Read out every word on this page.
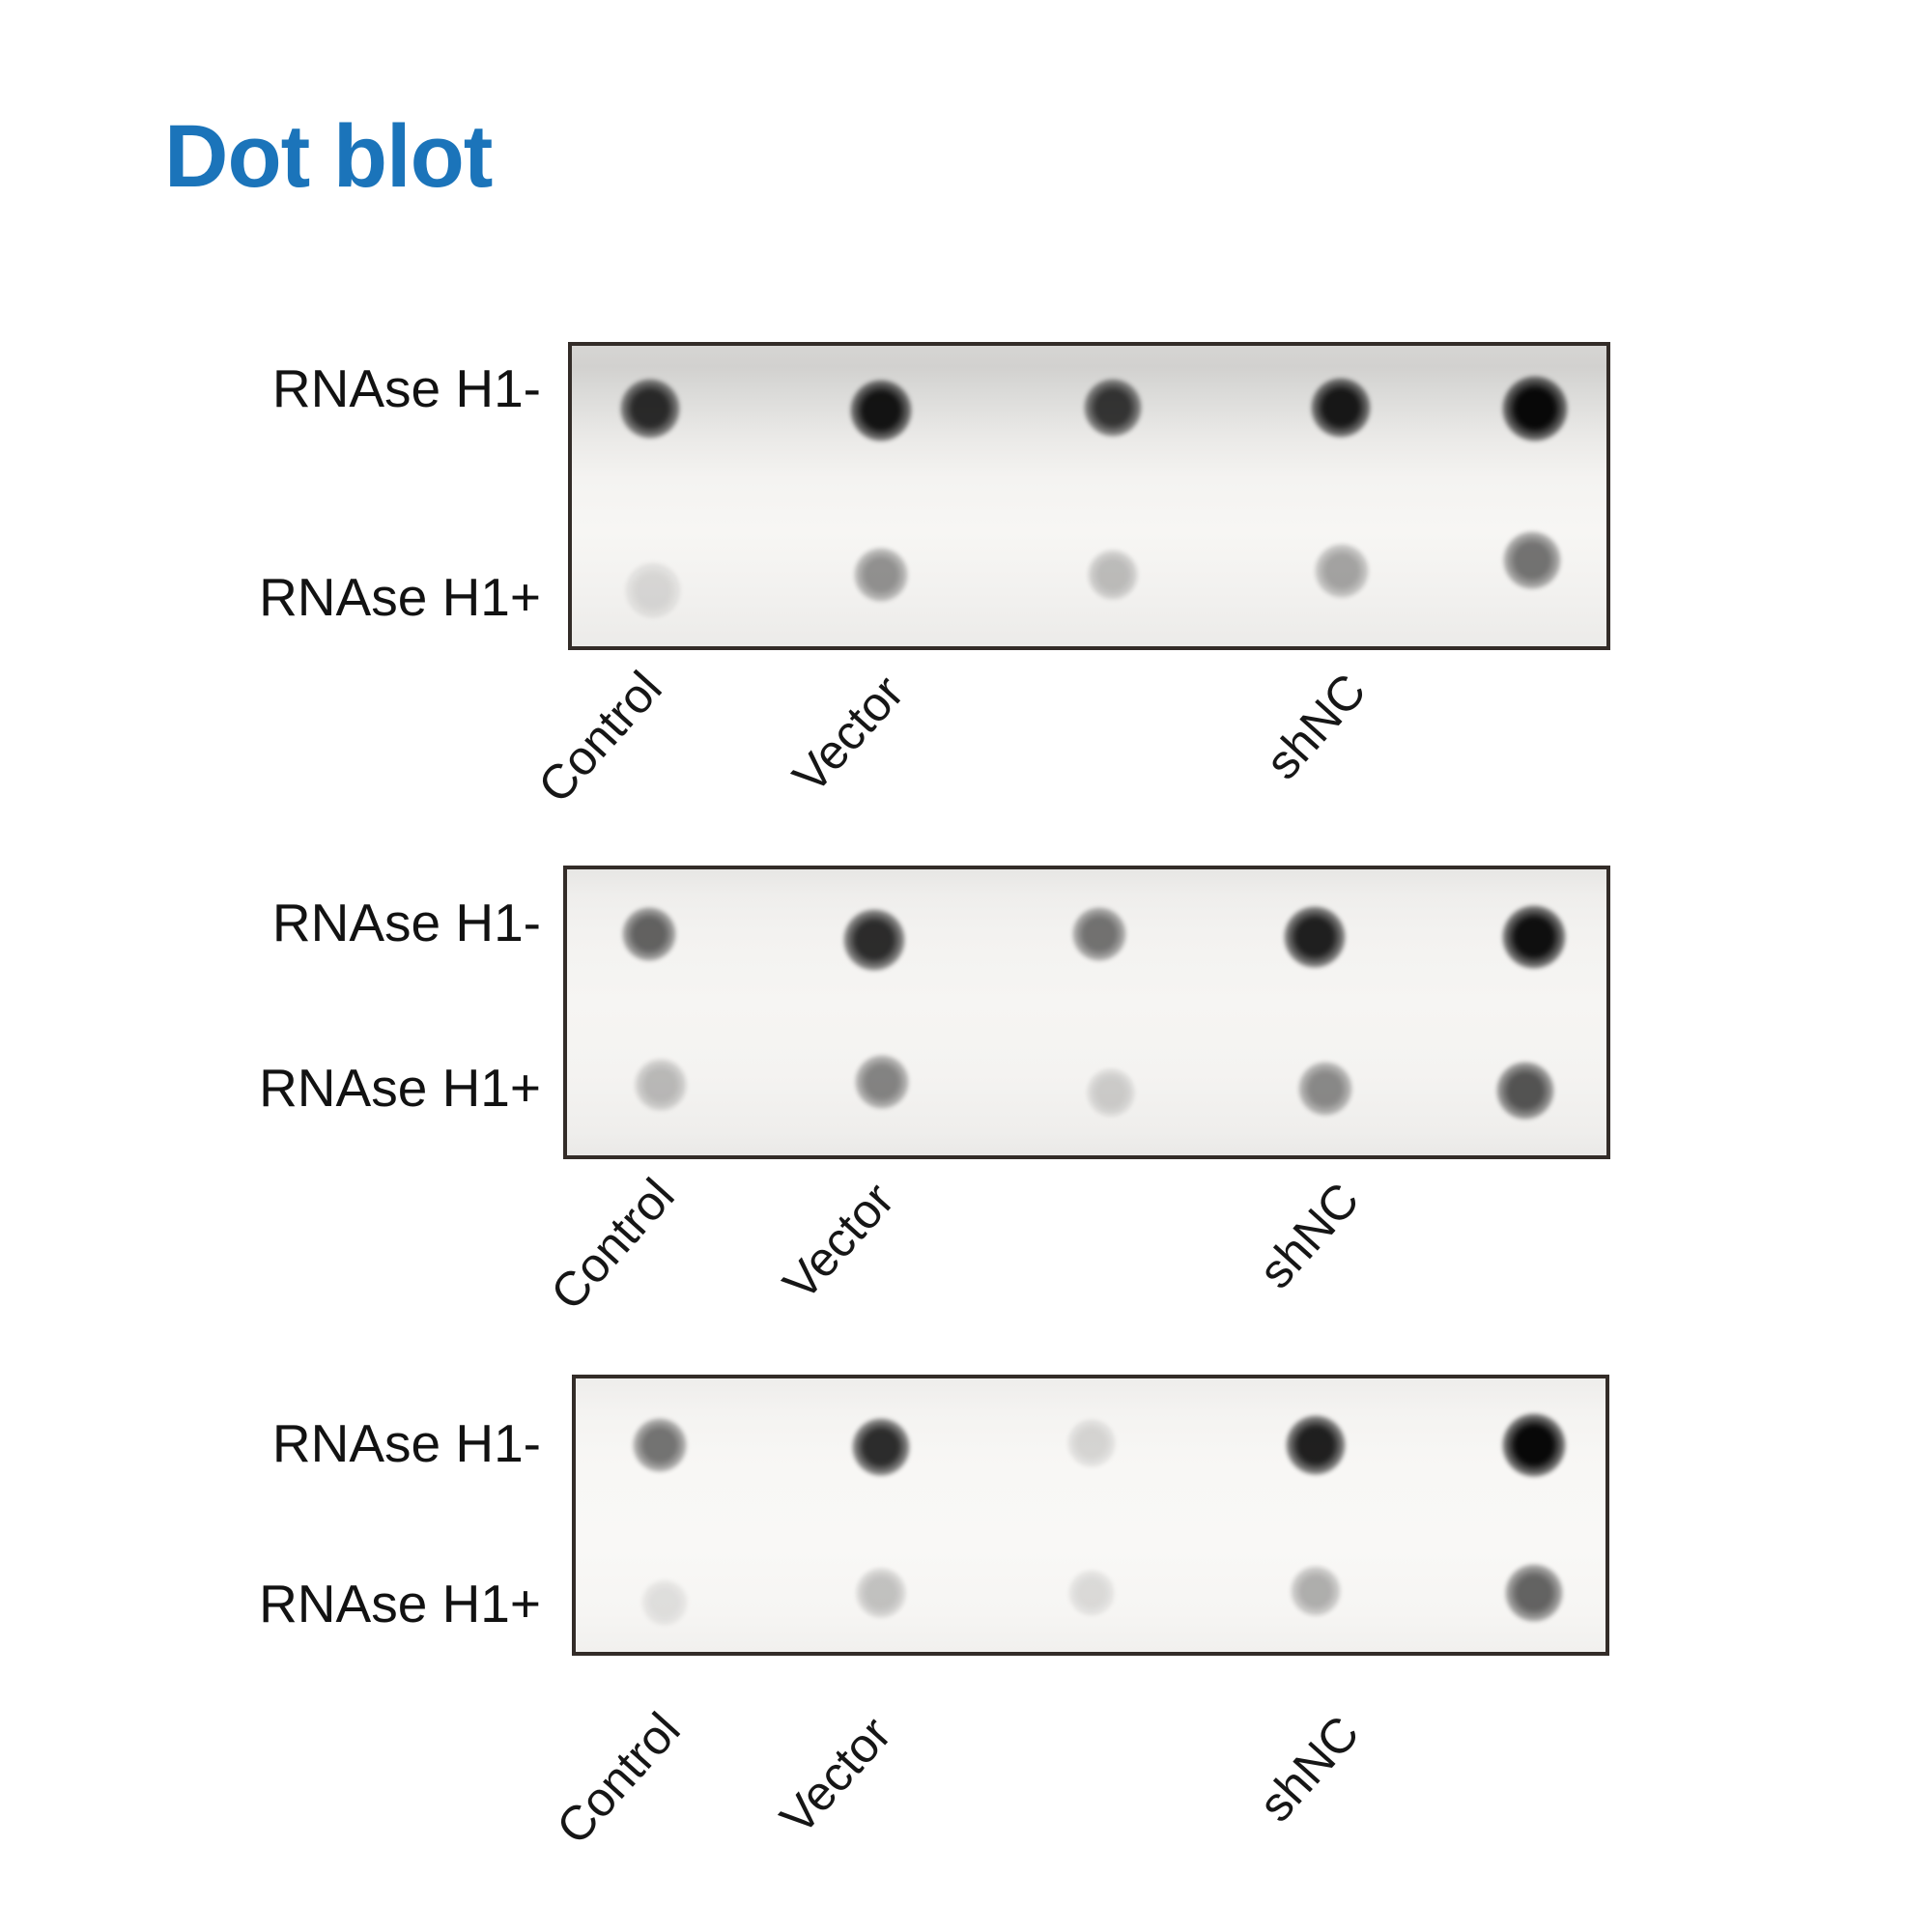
Dot blot
RNAse H1-
RNAse H1+
Control Vector	shNC
RNAse H1-
RNAse H1+
Control Vector	shNC
RNAse H1-
RNAse H1+
Control Vector	shNC
